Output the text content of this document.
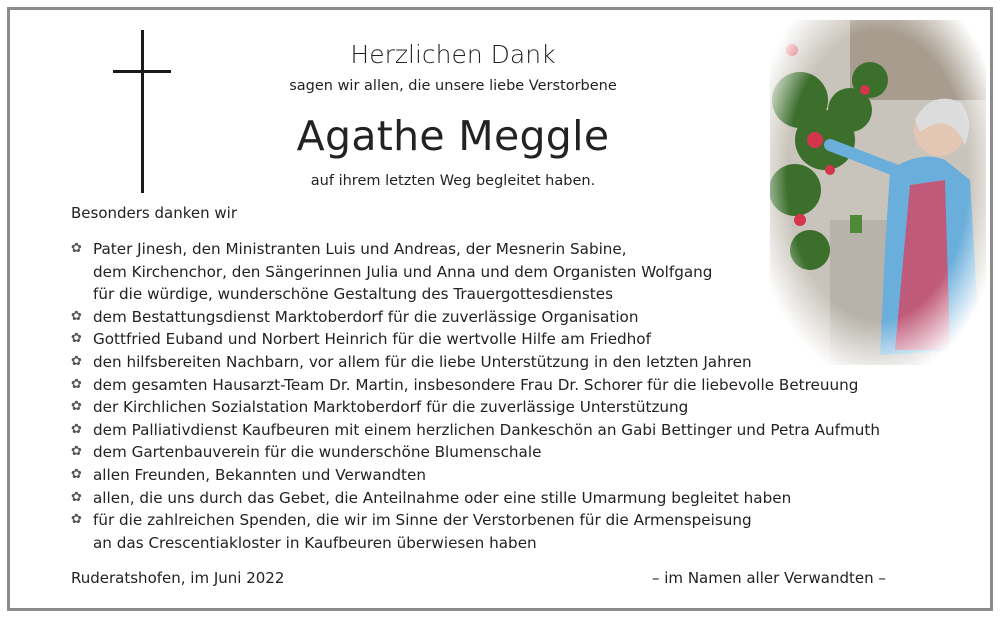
Herzlichen Dank
sagen wir allen, die unsere liebe Verstorbene
Agathe Meggle
auf ihrem letzten Weg begleitet haben.
Besonders danken wir
✿ Pater Jinesh, den Ministranten Luis und Andreas, der Mesnerin Sabine,
dem Kirchenchor, den Sängerinnen Julia und Anna und dem Organisten Wolfgang
für die würdige, wunderschöne Gestaltung des Trauergottesdienstes
✿ dem Bestattungsdienst Marktoberdorf für die zuverlässige Organisation
✿ Gottfried Euband und Norbert Heinrich für die wertvolle Hilfe am Friedhof
✿ den hilfsbereiten Nachbarn, vor allem für die liebe Unterstützung in den letzten Jahren
✿ dem gesamten Hausarzt-Team Dr. Martin, insbesondere Frau Dr. Schorer für die liebevolle Betreuung
✿ der Kirchlichen Sozialstation Marktoberdorf für die zuverlässige Unterstützung
✿ dem Palliativdienst Kaufbeuren mit einem herzlichen Dankeschön an Gabi Bettinger und Petra Aufmuth
✿ dem Gartenbauverein für die wunderschöne Blumenschale
✿ allen Freunden, Bekannten und Verwandten
✿ allen, die uns durch das Gebet, die Anteilnahme oder eine stille Umarmung begleitet haben
✿ für die zahlreichen Spenden, die wir im Sinne der Verstorbenen für die Armenspeisung
an das Crescentiakloster in Kaufbeuren überwiesen haben
Ruderatshofen, im Juni 2022	– im Namen aller Verwandten –
